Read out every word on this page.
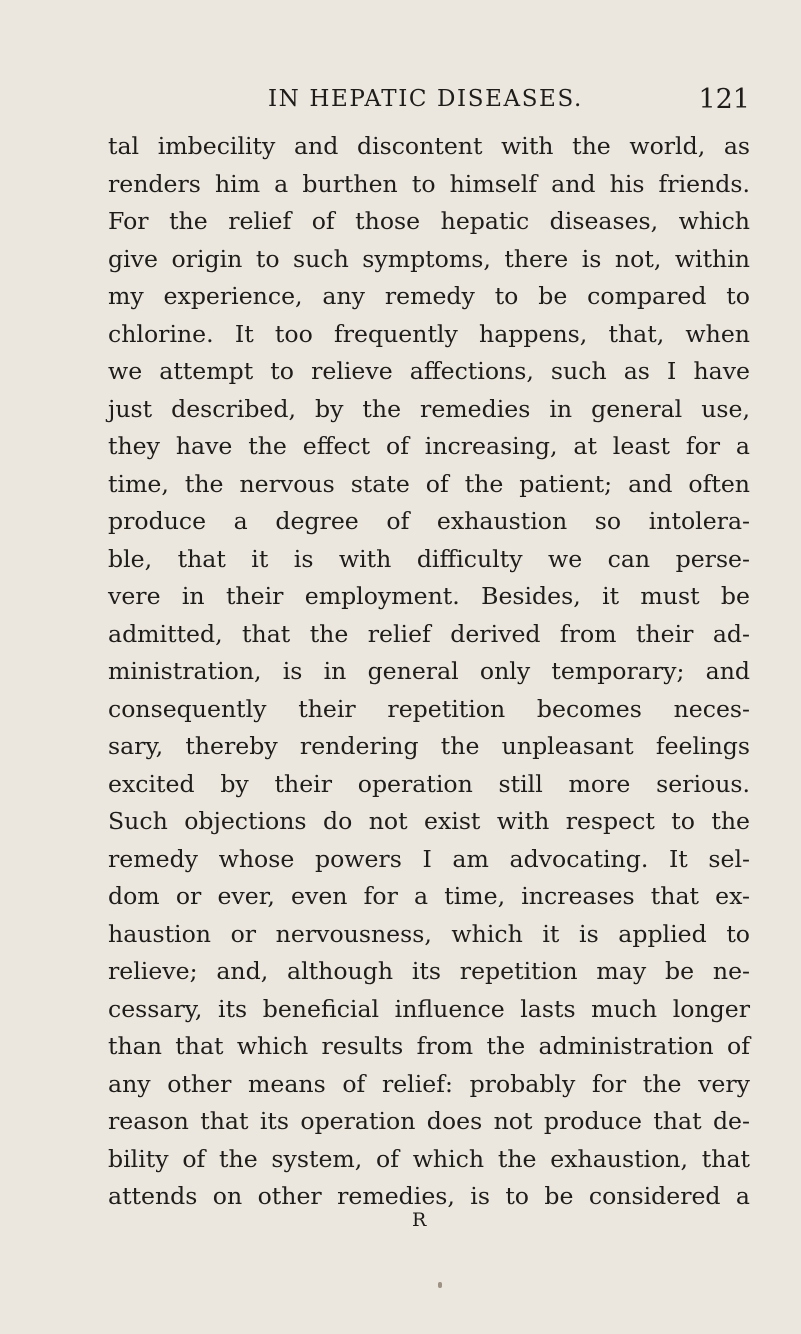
IN HEPATIC DISEASES.	121
tal imbecility and discontent with the world, as
renders him a burthen to himself and his friends.
For the relief of those hepatic diseases, which
give origin to such symptoms, there is not, within
my experience, any remedy to be compared to
chlorine. It too frequently happens, that, when
we attempt to relieve affections, such as I have
just described, by the remedies in general use,
they have the effect of increasing, at least for a
time, the nervous state of the patient; and often
produce a degree of exhaustion so intolera-
ble, that it is with difficulty we can perse-
vere in their employment. Besides, it must be
admitted, that the relief derived from their ad-
ministration, is in general only temporary; and
consequently their repetition becomes neces-
sary, thereby rendering the unpleasant feelings
excited by their operation still more serious.
Such objections do not exist with respect to the
remedy whose powers I am advocating. It sel-
dom or ever, even for a time, increases that ex-
haustion or nervousness, which it is applied to
relieve; and, although its repetition may be ne-
cessary, its beneficial influence lasts much longer
than that which results from the administration of
any other means of relief: probably for the very
reason that its operation does not produce that de-
bility of the system, of which the exhaustion, that
attends on other remedies, is to be considered a
R
